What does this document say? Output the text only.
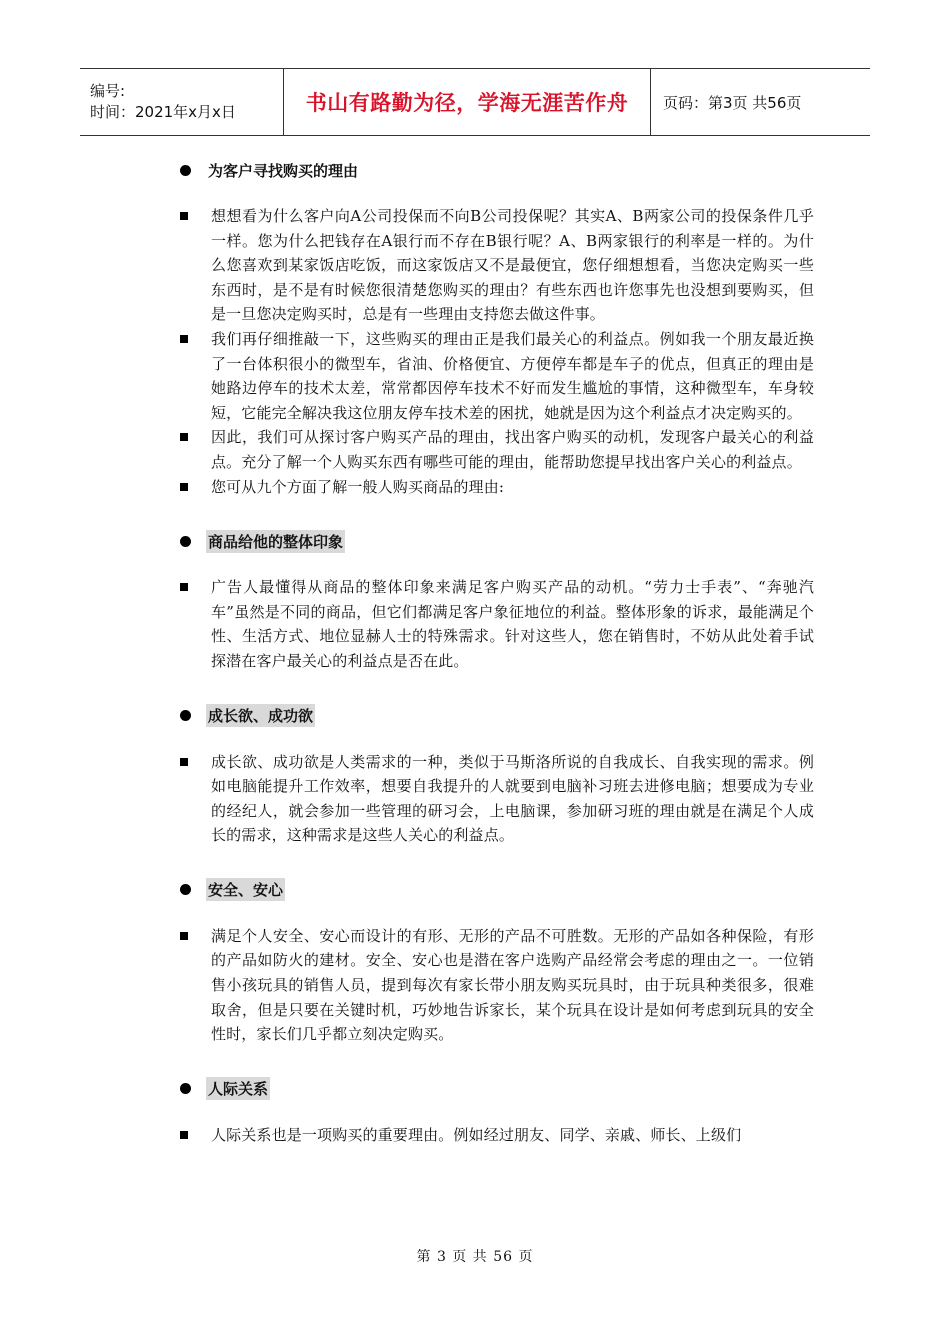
编号:
时间：2021年x月x日	书山有路勤为径，学海无涯苦作舟	页码：第3页 共56页
为客户寻找购买的理由
想想看为什么客户向A公司投保而不向B公司投保呢？其实A、B两家公司的投保条件几乎一样。您为什么把钱存在A银行而不存在B银行呢？A、B两家银行的利率是一样的。为什么您喜欢到某家饭店吃饭，而这家饭店又不是最便宜，您仔细想想看，当您决定购买一些东西时，是不是有时候您很清楚您购买的理由？有些东西也许您事先也没想到要购买，但是一旦您决定购买时，总是有一些理由支持您去做这件事。
我们再仔细推敲一下，这些购买的理由正是我们最关心的利益点。例如我一个朋友最近换了一台体积很小的微型车，省油、价格便宜、方便停车都是车子的优点，但真正的理由是她路边停车的技术太差，常常都因停车技术不好而发生尴尬的事情，这种微型车，车身较短，它能完全解决我这位朋友停车技术差的困扰，她就是因为这个利益点才决定购买的。
因此，我们可从探讨客户购买产品的理由，找出客户购买的动机，发现客户最关心的利益点。充分了解一个人购买东西有哪些可能的理由，能帮助您提早找出客户关心的利益点。
您可从九个方面了解一般人购买商品的理由:
商品给他的整体印象
广告人最懂得从商品的整体印象来满足客户购买产品的动机。“劳力士手表”、“奔驰汽车”虽然是不同的商品，但它们都满足客户象征地位的利益。整体形象的诉求，最能满足个性、生活方式、地位显赫人士的特殊需求。针对这些人，您在销售时，不妨从此处着手试探潜在客户最关心的利益点是否在此。
成长欲、成功欲
成长欲、成功欲是人类需求的一种，类似于马斯洛所说的自我成长、自我实现的需求。例如电脑能提升工作效率，想要自我提升的人就要到电脑补习班去进修电脑；想要成为专业的经纪人，就会参加一些管理的研习会，上电脑课，参加研习班的理由就是在满足个人成长的需求，这种需求是这些人关心的利益点。
安全、安心
满足个人安全、安心而设计的有形、无形的产品不可胜数。无形的产品如各种保险，有形的产品如防火的建材。安全、安心也是潜在客户选购产品经常会考虑的理由之一。一位销售小孩玩具的销售人员，提到每次有家长带小朋友购买玩具时，由于玩具种类很多，很难取舍，但是只要在关键时机，巧妙地告诉家长，某个玩具在设计是如何考虑到玩具的安全性时，家长们几乎都立刻决定购买。
人际关系
人际关系也是一项购买的重要理由。例如经过朋友、同学、亲戚、师长、上级们
第 3 页 共 56 页
